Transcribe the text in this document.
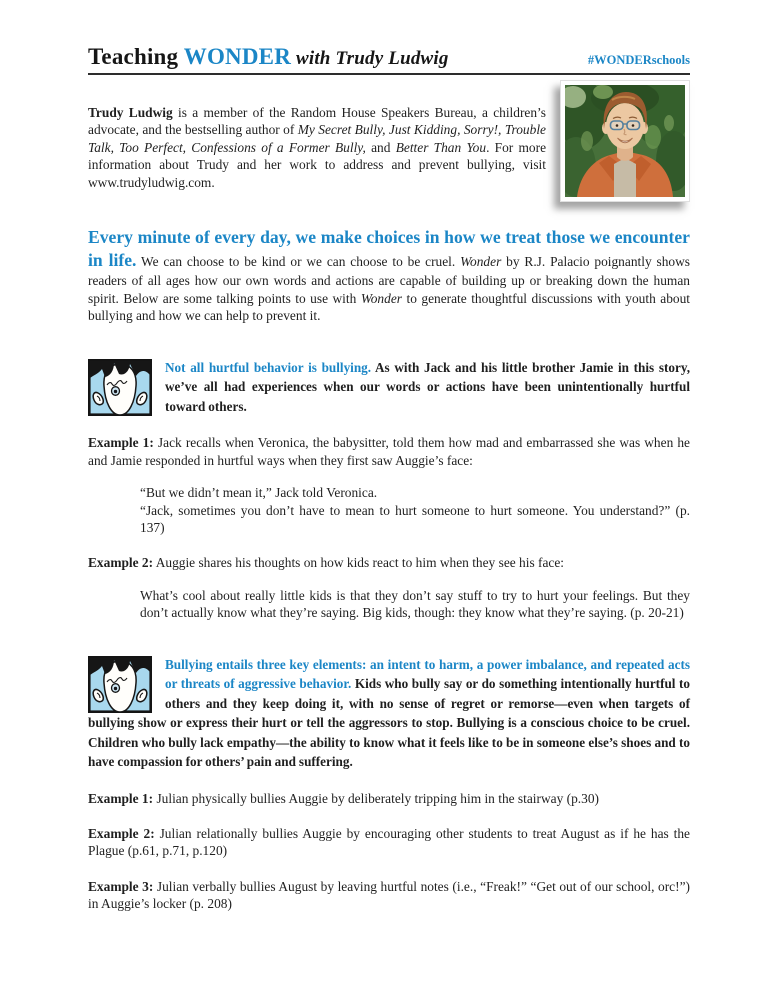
Teaching WONDER with Trudy Ludwig	#WONDERschools

Trudy Ludwig is a member of the Random House Speakers Bureau, a children’s advocate, and the bestselling author of My Secret Bully, Just Kidding, Sorry!, Trouble Talk, Too Perfect, Confessions of a Former Bully, and Better Than You. For more information about Trudy and her work to address and prevent bullying, visit www.trudyludwig.com.

Every minute of every day, we make choices in how we treat those we encounter in life. We can choose to be kind or we can choose to be cruel. Wonder by R.J. Palacio poignantly shows readers of all ages how our own words and actions are capable of building up or breaking down the human spirit. Below are some talking points to use with Wonder to generate thoughtful discussions with youth about bullying and how we can help to prevent it.

Not all hurtful behavior is bullying. As with Jack and his little brother Jamie in this story, we’ve all had experiences when our words or actions have been unintentionally hurtful toward others.

Example 1: Jack recalls when Veronica, the babysitter, told them how mad and embarrassed she was when he and Jamie responded in hurtful ways when they first saw Auggie’s face:

“But we didn’t mean it,” Jack told Veronica.
“Jack, sometimes you don’t have to mean to hurt someone to hurt someone. You understand?” (p. 137)

Example 2: Auggie shares his thoughts on how kids react to him when they see his face:

What’s cool about really little kids is that they don’t say stuff to try to hurt your feelings. But they don’t actually know what they’re saying. Big kids, though: they know what they’re saying. (p. 20-21)

Bullying entails three key elements: an intent to harm, a power imbalance, and repeated acts or threats of aggressive behavior. Kids who bully say or do something intentionally hurtful to others and they keep doing it, with no sense of regret or remorse—even when targets of bullying show or express their hurt or tell the aggressors to stop. Bullying is a conscious choice to be cruel. Children who bully lack empathy—the ability to know what it feels like to be in someone else’s shoes and to have compassion for others’ pain and suffering.

Example 1: Julian physically bullies Auggie by deliberately tripping him in the stairway (p.30)

Example 2: Julian relationally bullies Auggie by encouraging other students to treat August as if he has the Plague (p.61, p.71, p.120)

Example 3: Julian verbally bullies August by leaving hurtful notes (i.e., “Freak!” “Get out of our school, orc!”) in Auggie’s locker (p. 208)
